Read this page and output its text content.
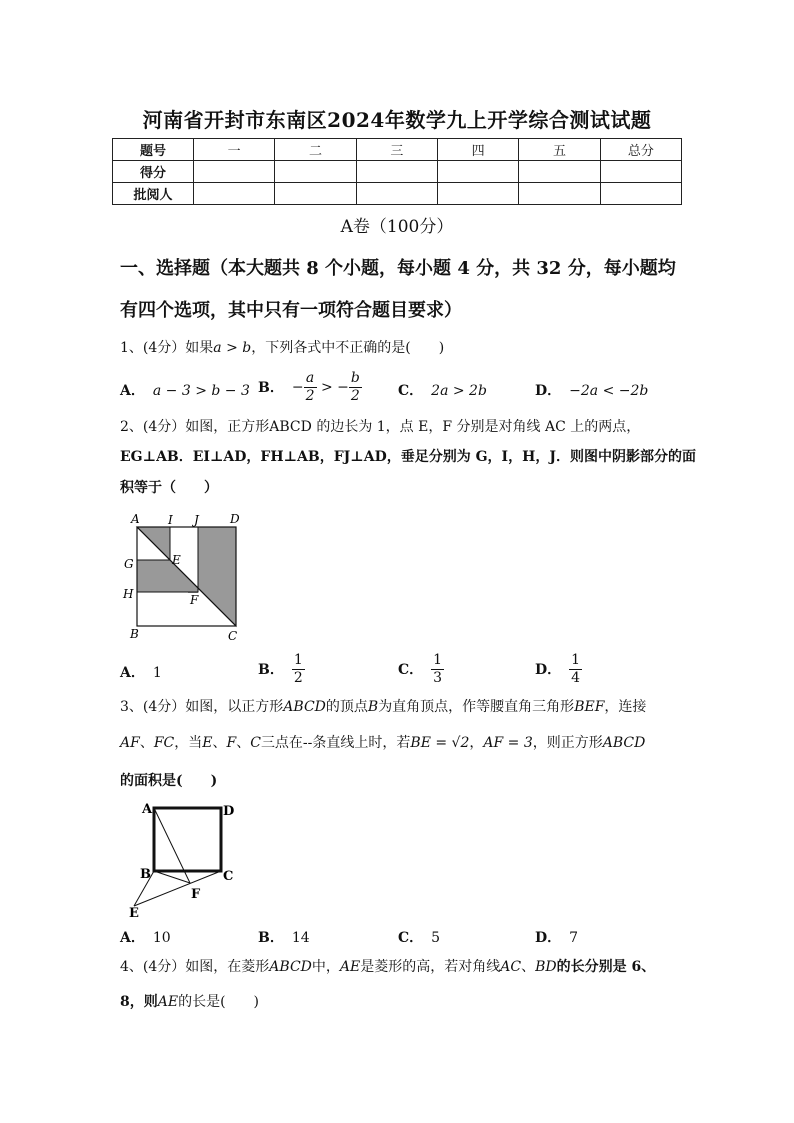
河南省开封市东南区2024年数学九上开学综合测试试题
题号	一	二	三	四	五	总分
得分						
批阅人						
A卷（100分）
一、选择题（本大题共 8 个小题，每小题 4 分，共 32 分，每小题均
有四个选项，其中只有一项符合题目要求）
1、(4分）如果a > b，下列各式中不正确的是(　　)
A． a − 3 > b − 3 B． − $\frac{a}{2}$ > − $\frac{b}{2}$	C． 2a > 2b	D． −2a < −2b
2、(4分）如图，正方形ABCD 的边长为 1，点 E，F 分别是对角线 AC 上的两点，
EG⊥AB．EI⊥AD，FH⊥AB，FJ⊥AD，垂足分别为 G，I，H，J．则图中阴影部分的面
积等于（　　）
A I J	D
G	E
H	F
B	C
A． 1	B． $\frac{1}{2}$	C． $\frac{1}{3}$	D． $\frac{1}{4}$
3、(4分）如图，以正方形ABCD的顶点B为直角顶点，作等腰直角三角形BEF，连接
AF、FC，当E、F、C三点在--条直线上时，若BE = √2，AF = 3，则正方形ABCD
的面积是(　　)
A	D
B	C
F
E
A． 10	B． 14	C． 5	D． 7
4、(4分）如图，在菱形ABCD中，AE是菱形的高，若对角线AC、BD的长分别是 6、
8，则AE的长是(　　)
